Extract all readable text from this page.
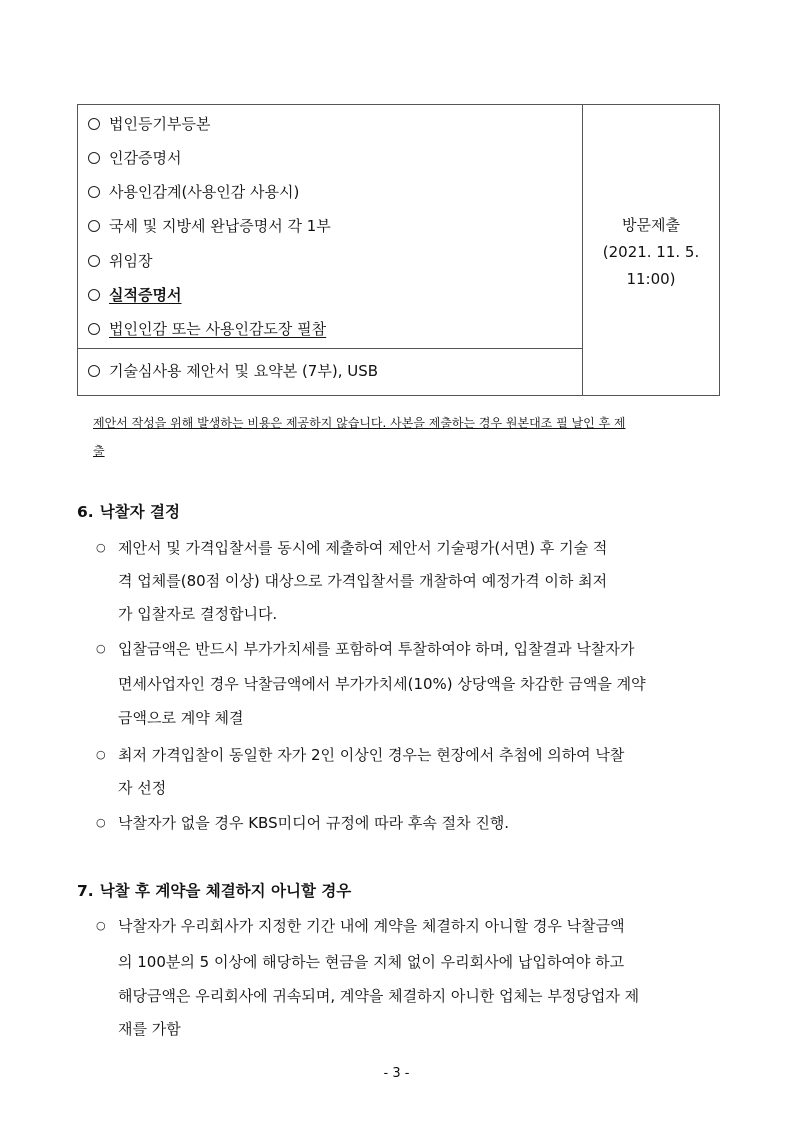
법인등기부등본
인감증명서
사용인감계(사용인감 사용시)
국세 및 지방세 완납증명서 각 1부
위임장
실적증명서
법인인감 또는 사용인감도장 필참
기술심사용 제안서 및 요약본 (7부), USB
방문제출
(2021. 11. 5.
11:00)
제안서 작성을 위해 발생하는 비용은 제공하지 않습니다. 사본을 제출하는 경우 원본대조 필 날인 후 제
출
6. 낙찰자 결정
○ 제안서 및 가격입찰서를 동시에 제출하여 제안서 기술평가(서면) 후 기술 적
격 업체를(80점 이상) 대상으로 가격입찰서를 개찰하여 예정가격 이하 최저
가 입찰자로 결정합니다.
○ 입찰금액은 반드시 부가가치세를 포함하여 투찰하여야 하며, 입찰결과 낙찰자가
면세사업자인 경우 낙찰금액에서 부가가치세(10%) 상당액을 차감한 금액을 계약
금액으로 계약 체결
○ 최저 가격입찰이 동일한 자가 2인 이상인 경우는 현장에서 추첨에 의하여 낙찰
자 선정
○ 낙찰자가 없을 경우 KBS미디어 규정에 따라 후속 절차 진행.
7. 낙찰 후 계약을 체결하지 아니할 경우
○ 낙찰자가 우리회사가 지정한 기간 내에 계약을 체결하지 아니할 경우 낙찰금액
의 100분의 5 이상에 해당하는 현금을 지체 없이 우리회사에 납입하여야 하고
해당금액은 우리회사에 귀속되며, 계약을 체결하지 아니한 업체는 부정당업자 제
재를 가함
- 3 -
